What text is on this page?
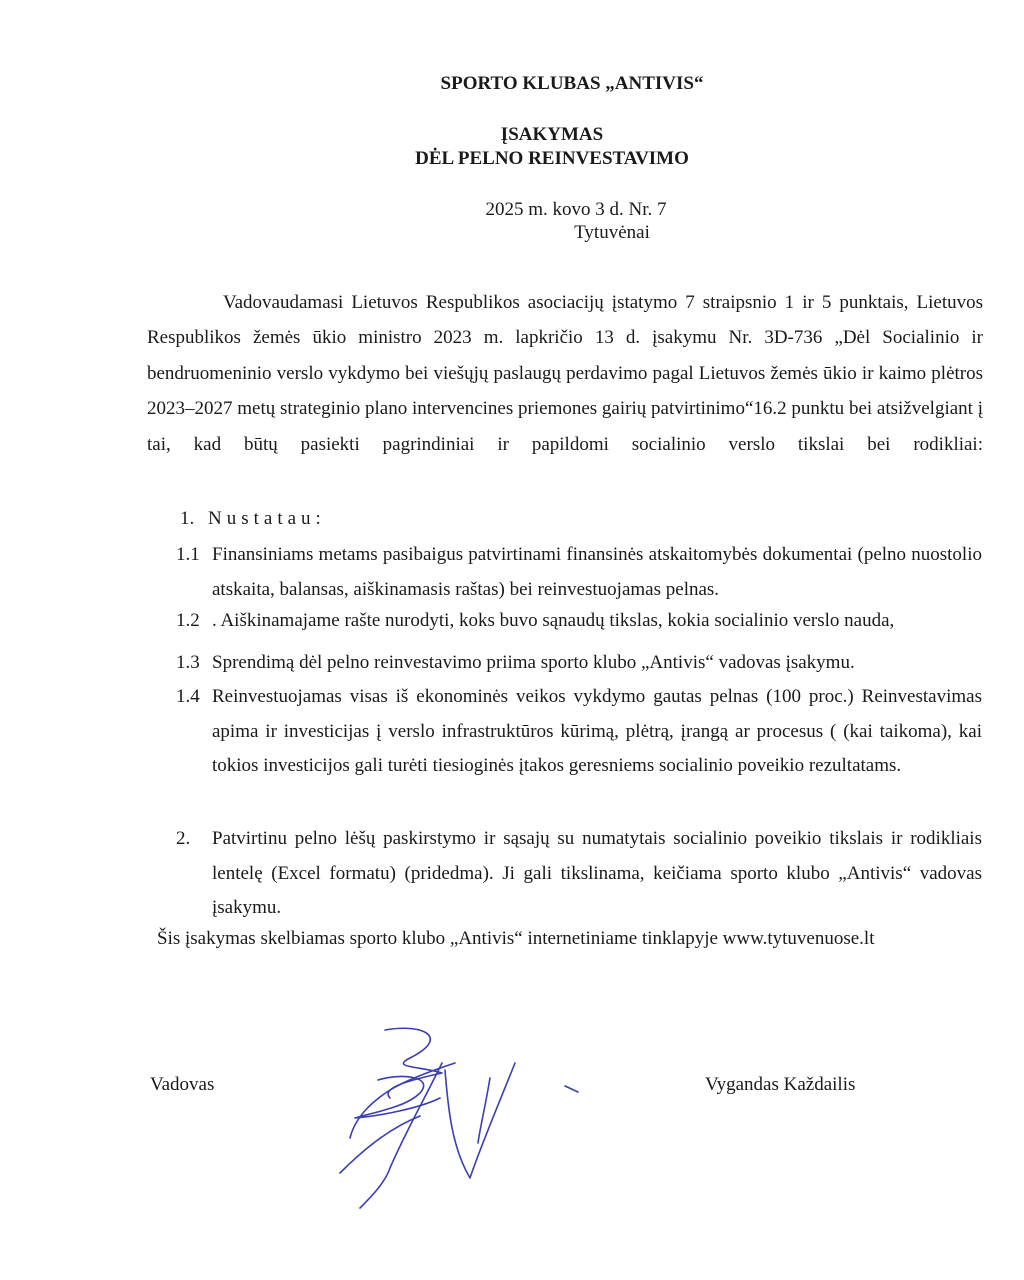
SPORTO KLUBAS „ANTIVIS“
ĮSAKYMAS
DĖL PELNO REINVESTAVIMO
2025 m. kovo 3 d. Nr. 7
Tytuvėnai
Vadovaudamasi Lietuvos Respublikos asociacijų įstatymo 7 straipsnio 1 ir 5 punktais, Lietuvos Respublikos žemės ūkio ministro 2023 m. lapkričio 13 d. įsakymu Nr. 3D-736 „Dėl Socialinio ir bendruomeninio verslo vykdymo bei viešųjų paslaugų perdavimo pagal Lietuvos žemės ūkio ir kaimo plėtros 2023–2027 metų strateginio plano intervencines priemones gairių patvirtinimo“16.2 punktu bei atsižvelgiant į tai, kad būtų pasiekti pagrindiniai ir papildomi socialinio verslo tikslai bei rodikliai:
1. Nustatau:
1.1 Finansiniams metams pasibaigus patvirtinami finansinės atskaitomybės dokumentai (pelno nuostolio atskaita, balansas, aiškinamasis raštas) bei reinvestuojamas pelnas.
1.2 . Aiškinamajame rašte nurodyti, koks buvo sąnaudų tikslas, kokia socialinio verslo nauda,
1.3 Sprendimą dėl pelno reinvestavimo priima sporto klubo „Antivis“ vadovas įsakymu.
1.4 Reinvestuojamas visas iš ekonominės veikos vykdymo gautas pelnas (100 proc.) Reinvestavimas apima ir investicijas į verslo infrastruktūros kūrimą, plėtrą, įrangą ar procesus ( (kai taikoma), kai tokios investicijos gali turėti tiesioginės įtakos geresniems socialinio poveikio rezultatams.
2.	Patvirtinu pelno lėšų paskirstymo ir sąsajų su numatytais socialinio poveikio tikslais ir rodikliais lentelę (Excel formatu) (pridedma). Ji gali tikslinama, keičiama sporto klubo „Antivis“ vadovas įsakymu.
Šis įsakymas skelbiamas sporto klubo „Antivis“ internetiniame tinklapyje www.tytuvenuose.lt
Vadovas	Vygandas Každailis
